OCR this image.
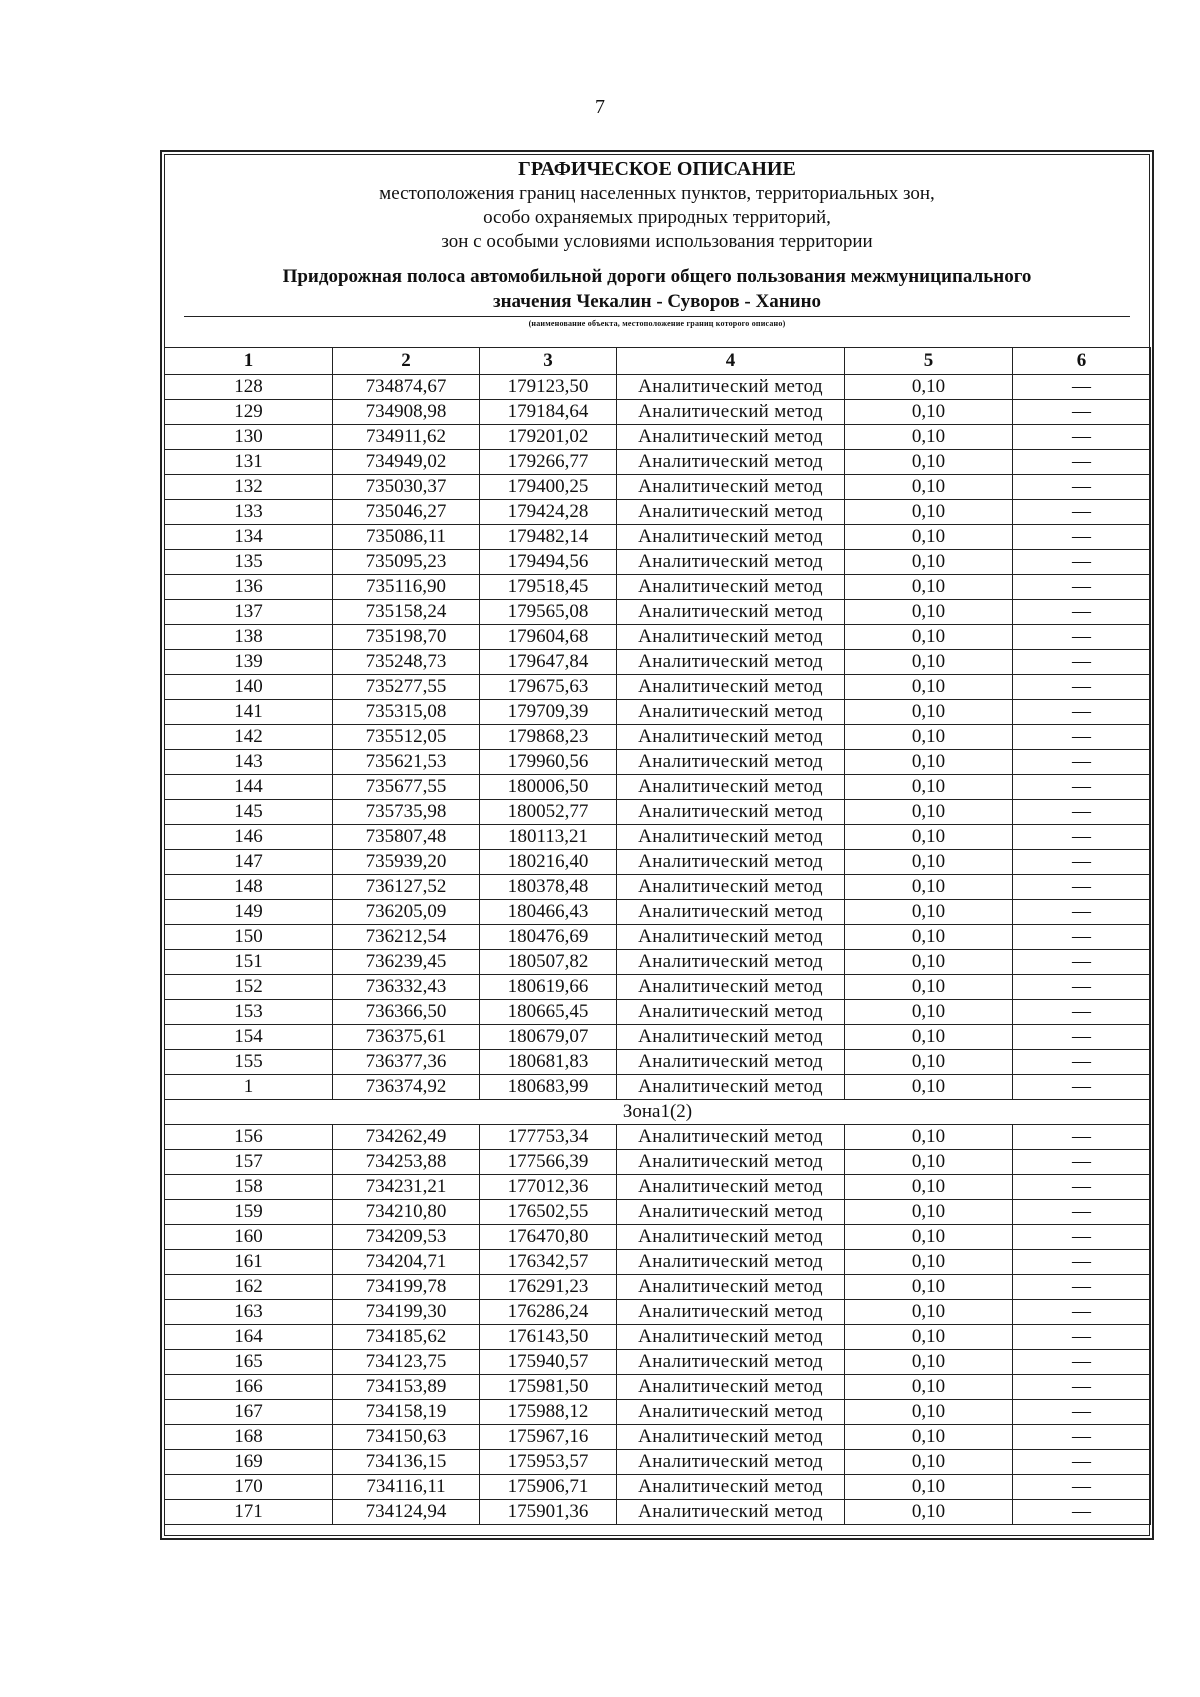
7
ГРАФИЧЕСКОЕ ОПИСАНИЕ
местоположения границ населенных пунктов, территориальных зон,
особо охраняемых природных территорий,
зон с особыми условиями использования территории
Придорожная полоса автомобильной дороги общего пользования межмуниципального
значения Чекалин - Суворов - Ханино
(наименование объекта, местоположение границ которого описано)
1	2	3	4	5	6
128	734874,67	179123,50	Аналитический метод	0,10	—
129	734908,98	179184,64	Аналитический метод	0,10	—
130	734911,62	179201,02	Аналитический метод	0,10	—
131	734949,02	179266,77	Аналитический метод	0,10	—
132	735030,37	179400,25	Аналитический метод	0,10	—
133	735046,27	179424,28	Аналитический метод	0,10	—
134	735086,11	179482,14	Аналитический метод	0,10	—
135	735095,23	179494,56	Аналитический метод	0,10	—
136	735116,90	179518,45	Аналитический метод	0,10	—
137	735158,24	179565,08	Аналитический метод	0,10	—
138	735198,70	179604,68	Аналитический метод	0,10	—
139	735248,73	179647,84	Аналитический метод	0,10	—
140	735277,55	179675,63	Аналитический метод	0,10	—
141	735315,08	179709,39	Аналитический метод	0,10	—
142	735512,05	179868,23	Аналитический метод	0,10	—
143	735621,53	179960,56	Аналитический метод	0,10	—
144	735677,55	180006,50	Аналитический метод	0,10	—
145	735735,98	180052,77	Аналитический метод	0,10	—
146	735807,48	180113,21	Аналитический метод	0,10	—
147	735939,20	180216,40	Аналитический метод	0,10	—
148	736127,52	180378,48	Аналитический метод	0,10	—
149	736205,09	180466,43	Аналитический метод	0,10	—
150	736212,54	180476,69	Аналитический метод	0,10	—
151	736239,45	180507,82	Аналитический метод	0,10	—
152	736332,43	180619,66	Аналитический метод	0,10	—
153	736366,50	180665,45	Аналитический метод	0,10	—
154	736375,61	180679,07	Аналитический метод	0,10	—
155	736377,36	180681,83	Аналитический метод	0,10	—
1	736374,92	180683,99	Аналитический метод	0,10	—
Зона1(2)					
156	734262,49	177753,34	Аналитический метод	0,10	—
157	734253,88	177566,39	Аналитический метод	0,10	—
158	734231,21	177012,36	Аналитический метод	0,10	—
159	734210,80	176502,55	Аналитический метод	0,10	—
160	734209,53	176470,80	Аналитический метод	0,10	—
161	734204,71	176342,57	Аналитический метод	0,10	—
162	734199,78	176291,23	Аналитический метод	0,10	—
163	734199,30	176286,24	Аналитический метод	0,10	—
164	734185,62	176143,50	Аналитический метод	0,10	—
165	734123,75	175940,57	Аналитический метод	0,10	—
166	734153,89	175981,50	Аналитический метод	0,10	—
167	734158,19	175988,12	Аналитический метод	0,10	—
168	734150,63	175967,16	Аналитический метод	0,10	—
169	734136,15	175953,57	Аналитический метод	0,10	—
170	734116,11	175906,71	Аналитический метод	0,10	—
171	734124,94	175901,36	Аналитический метод	0,10	—
